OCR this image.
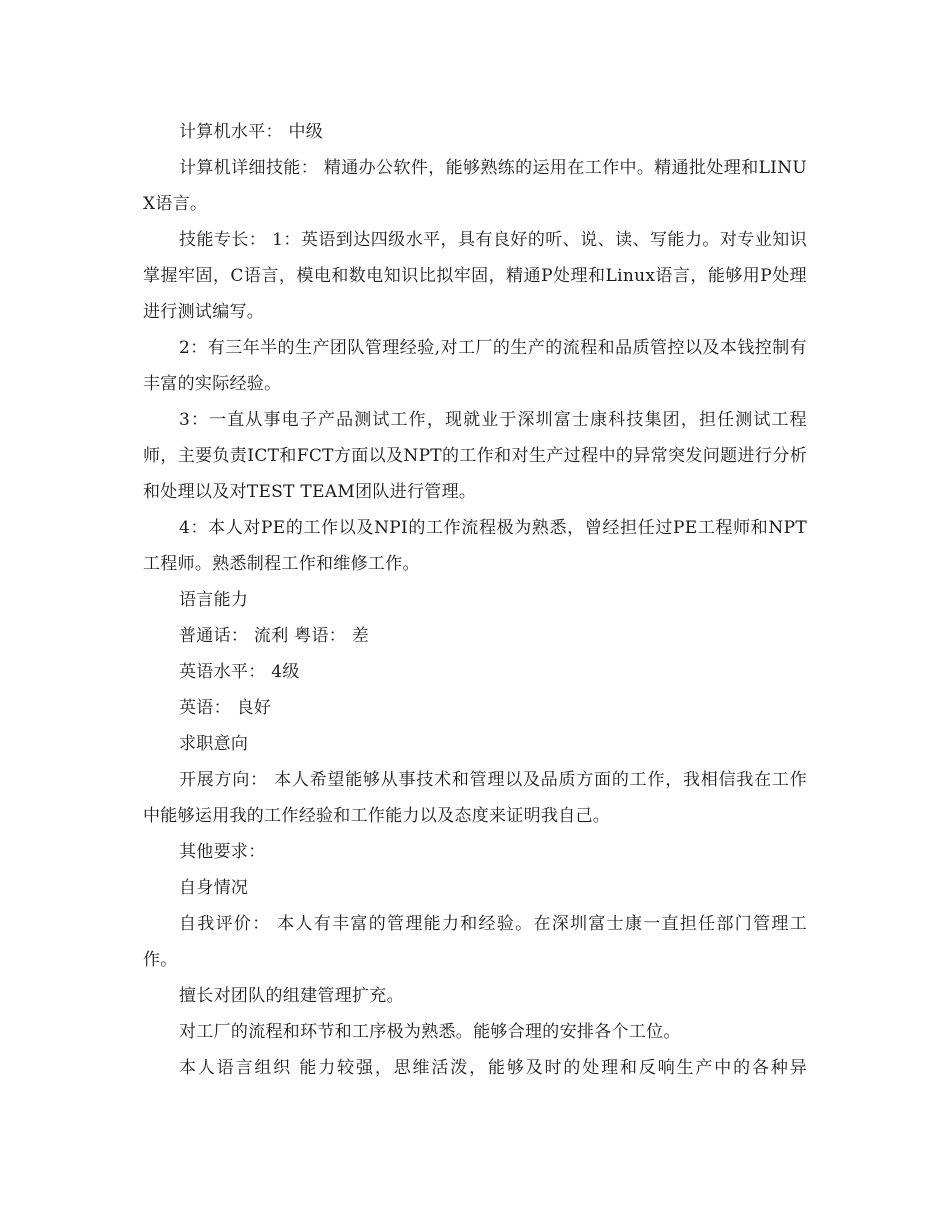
计算机水平： 中级

计算机详细技能： 精通办公软件，能够熟练的运用在工作中。精通批处理和LINUX语言。

技能专长： 1：英语到达四级水平，具有良好的听、说、读、写能力。对专业知识掌握牢固，C语言，模电和数电知识比拟牢固，精通P处理和Linux语言，能够用P处理进行测试编写。

2：有三年半的生产团队管理经验,对工厂的生产的流程和品质管控以及本钱控制有丰富的实际经验。

3：一直从事电子产品测试工作，现就业于深圳富士康科技集团，担任测试工程师，主要负责ICT和FCT方面以及NPT的工作和对生产过程中的异常突发问题进行分析和处理以及对TEST TEAM团队进行管理。

4：本人对PE的工作以及NPI的工作流程极为熟悉，曾经担任过PE工程师和NPT工程师。熟悉制程工作和维修工作。

语言能力

普通话： 流利 粤语： 差

英语水平： 4级

英语： 良好

求职意向

开展方向： 本人希望能够从事技术和管理以及品质方面的工作，我相信我在工作中能够运用我的工作经验和工作能力以及态度来证明我自己。

其他要求：

自身情况

自我评价： 本人有丰富的管理能力和经验。在深圳富士康一直担任部门管理工作。

擅长对团队的组建管理扩充。

对工厂的流程和环节和工序极为熟悉。能够合理的安排各个工位。

本人语言组织 能力较强，思维活泼，能够及时的处理和反响生产中的各种异
